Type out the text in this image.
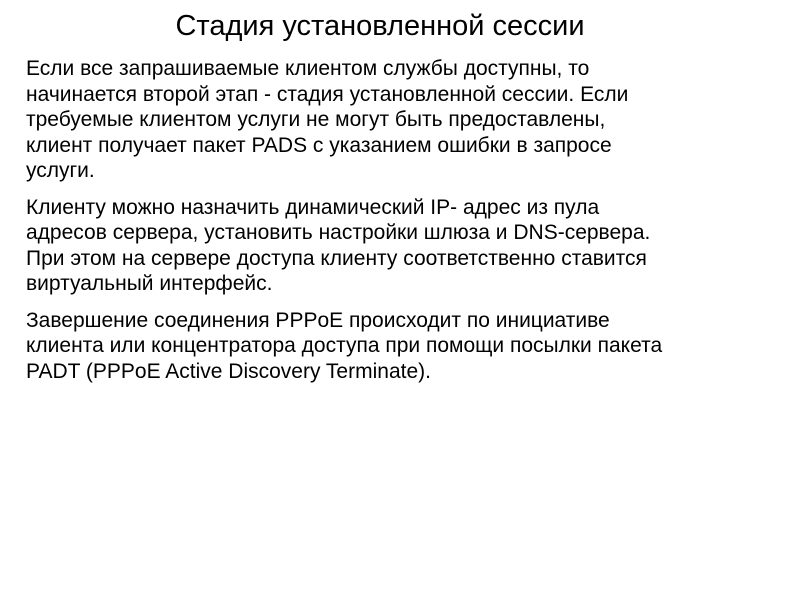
Стадия установленной сессии

Если все запрашиваемые клиентом службы доступны, то
начинается второй этап - стадия установленной сессии. Если
требуемые клиентом услуги не могут быть предоставлены,
клиент получает пакет PADS с указанием ошибки в запросе
услуги.

Клиенту можно назначить динамический IP- адрес из пула
адресов сервера, установить настройки шлюза и DNS-сервера.
При этом на сервере доступа клиенту соответственно ставится
виртуальный интерфейс.

Завершение соединения PPPoE происходит по инициативе
клиента или концентратора доступа при помощи посылки пакета
PADT (PPPoE Active Discovery Terminate).
